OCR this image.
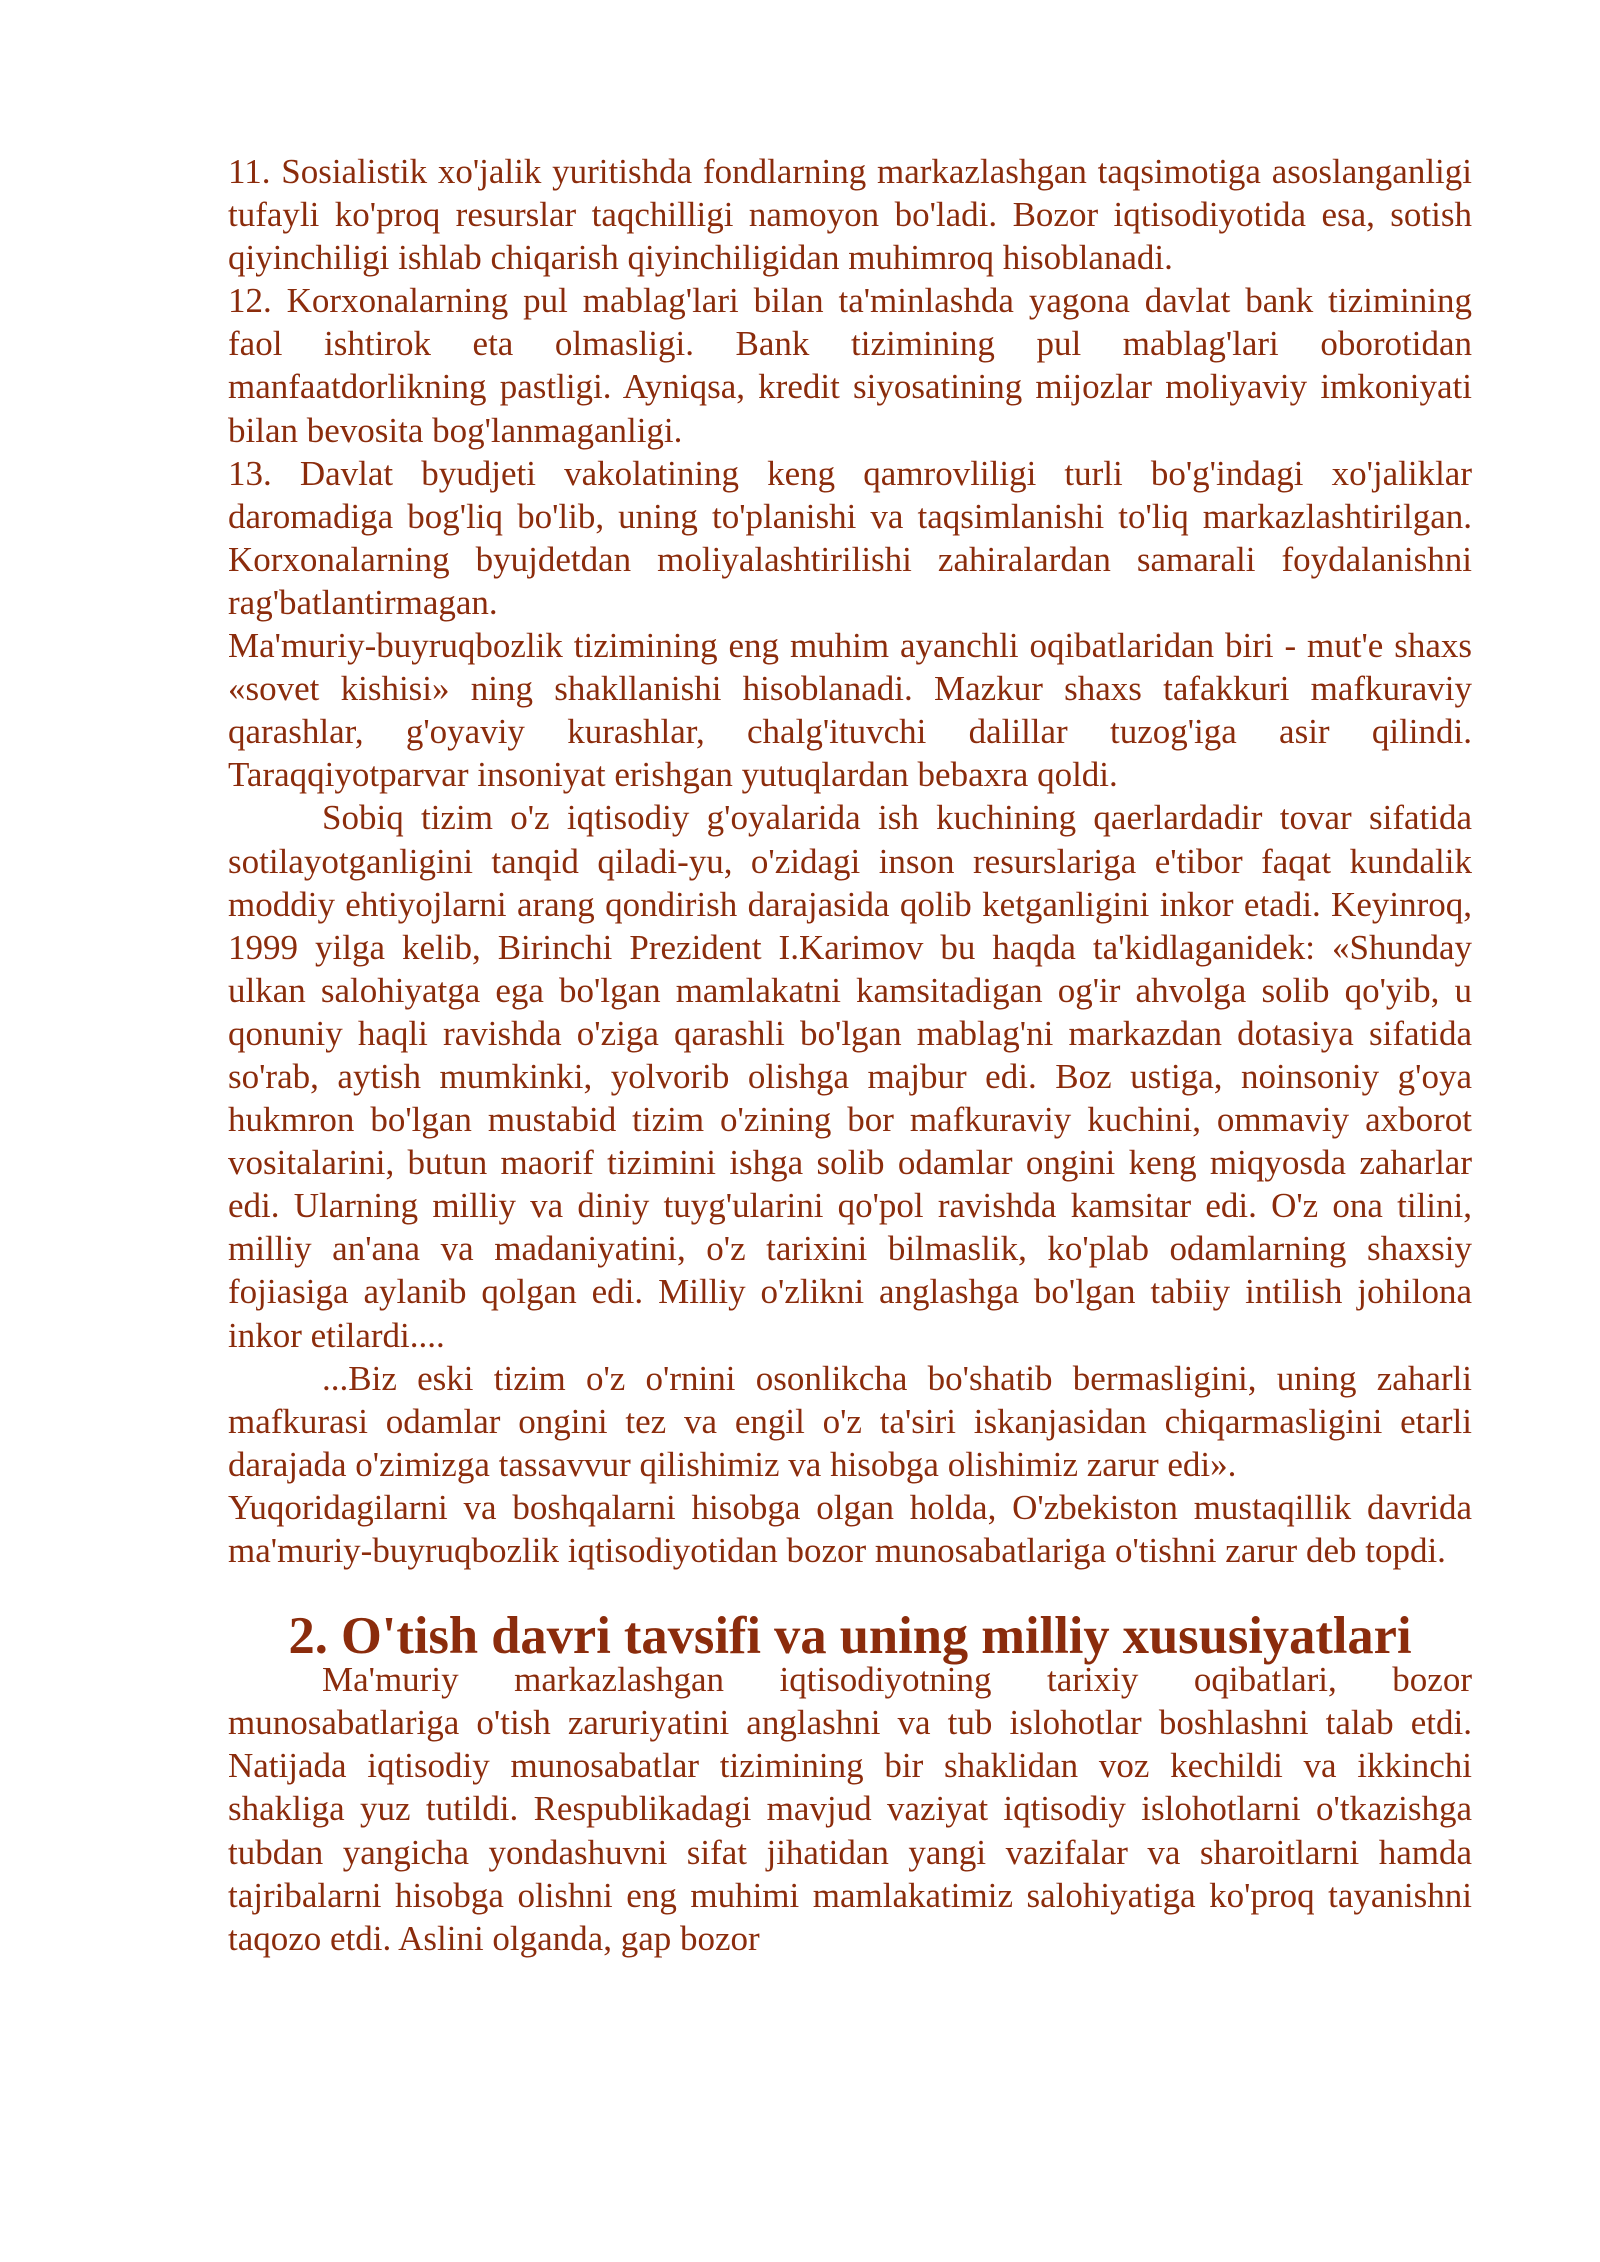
11. Sosialistik xo'jalik yuritishda fondlarning markazlashgan taqsimotiga asoslanganligi tufayli ko'proq resurslar taqchilligi namoyon bo'ladi. Bozor iqtisodiyotida esa, sotish qiyinchiligi ishlab chiqarish qiyinchiligidan muhimroq hisoblanadi.

12. Korxonalarning pul mablag'lari bilan ta'minlashda yagona davlat bank tizimining faol ishtirok eta olmasligi. Bank tizimining pul mablag'lari oborotidan manfaatdorlikning pastligi. Ayniqsa, kredit siyosatining mijozlar moliyaviy imkoniyati bilan bevosita bog'lanmaganligi.

13. Davlat byudjeti vakolatining keng qamrovliligi turli bo'g'indagi xo'jaliklar daromadiga bog'liq bo'lib, uning to'planishi va taqsimlanishi to'liq markazlashtirilgan. Korxonalarning byujdetdan moliyalashtirilishi zahiralardan samarali foydalanishni rag'batlantirmagan.

Ma'muriy-buyruqbozlik tizimining eng muhim ayanchli oqibatlaridan biri - mut'e shaxs «sovet kishisi» ning shakllanishi hisoblanadi. Mazkur shaxs tafakkuri mafkuraviy qarashlar, g'oyaviy kurashlar, chalg'ituvchi dalillar tuzog'iga asir qilindi. Taraqqiyotparvar insoniyat erishgan yutuqlardan bebaxra qoldi.

Sobiq tizim o'z iqtisodiy g'oyalarida ish kuchining qaerlardadir tovar sifatida sotilayotganligini tanqid qiladi-yu, o'zidagi inson resurslariga e'tibor faqat kundalik moddiy ehtiyojlarni arang qondirish darajasida qolib ketganligini inkor etadi. Keyinroq, 1999 yilga kelib, Birinchi Prezident I.Karimov bu haqda ta'kidlaganidek: «Shunday ulkan salohiyatga ega bo'lgan mamlakatni kamsitadigan og'ir ahvolga solib qo'yib, u qonuniy haqli ravishda o'ziga qarashli bo'lgan mablag'ni markazdan dotasiya sifatida so'rab, aytish mumkinki, yolvorib olishga majbur edi. Boz ustiga, noinsoniy g'oya hukmron bo'lgan mustabid tizim o'zining bor mafkuraviy kuchini, ommaviy axborot vositalarini, butun maorif tizimini ishga solib odamlar ongini keng miqyosda zaharlar edi. Ularning milliy va diniy tuyg'ularini qo'pol ravishda kamsitar edi. O'z ona tilini, milliy an'ana va madaniyatini, o'z tarixini bilmaslik, ko'plab odamlarning shaxsiy fojiasiga aylanib qolgan edi. Milliy o'zlikni anglashga bo'lgan tabiiy intilish johilona inkor etilardi....

...Biz eski tizim o'z o'rnini osonlikcha bo'shatib bermasligini, uning zaharli mafkurasi odamlar ongini tez va engil o'z ta'siri iskanjasidan chiqarmasligini etarli darajada o'zimizga tassavvur qilishimiz va hisobga olishimiz zarur edi».

Yuqoridagilarni va boshqalarni hisobga olgan holda, O'zbekiston mustaqillik davrida ma'muriy-buyruqbozlik iqtisodiyotidan bozor munosabatlariga o'tishni zarur deb topdi.

2. O'tish davri tavsifi va uning milliy xususiyatlari

Ma'muriy markazlashgan iqtisodiyotning tarixiy oqibatlari, bozor munosabatlariga o'tish zaruriyatini anglashni va tub islohotlar boshlashni talab etdi. Natijada iqtisodiy munosabatlar tizimining bir shaklidan voz kechildi va ikkinchi shakliga yuz tutildi. Respublikadagi mavjud vaziyat iqtisodiy islohotlarni o'tkazishga tubdan yangicha yondashuvni sifat jihatidan yangi vazifalar va sharoitlarni hamda tajribalarni hisobga olishni eng muhimi mamlakatimiz salohiyatiga ko'proq tayanishni taqozo etdi. Aslini olganda, gap bozor
